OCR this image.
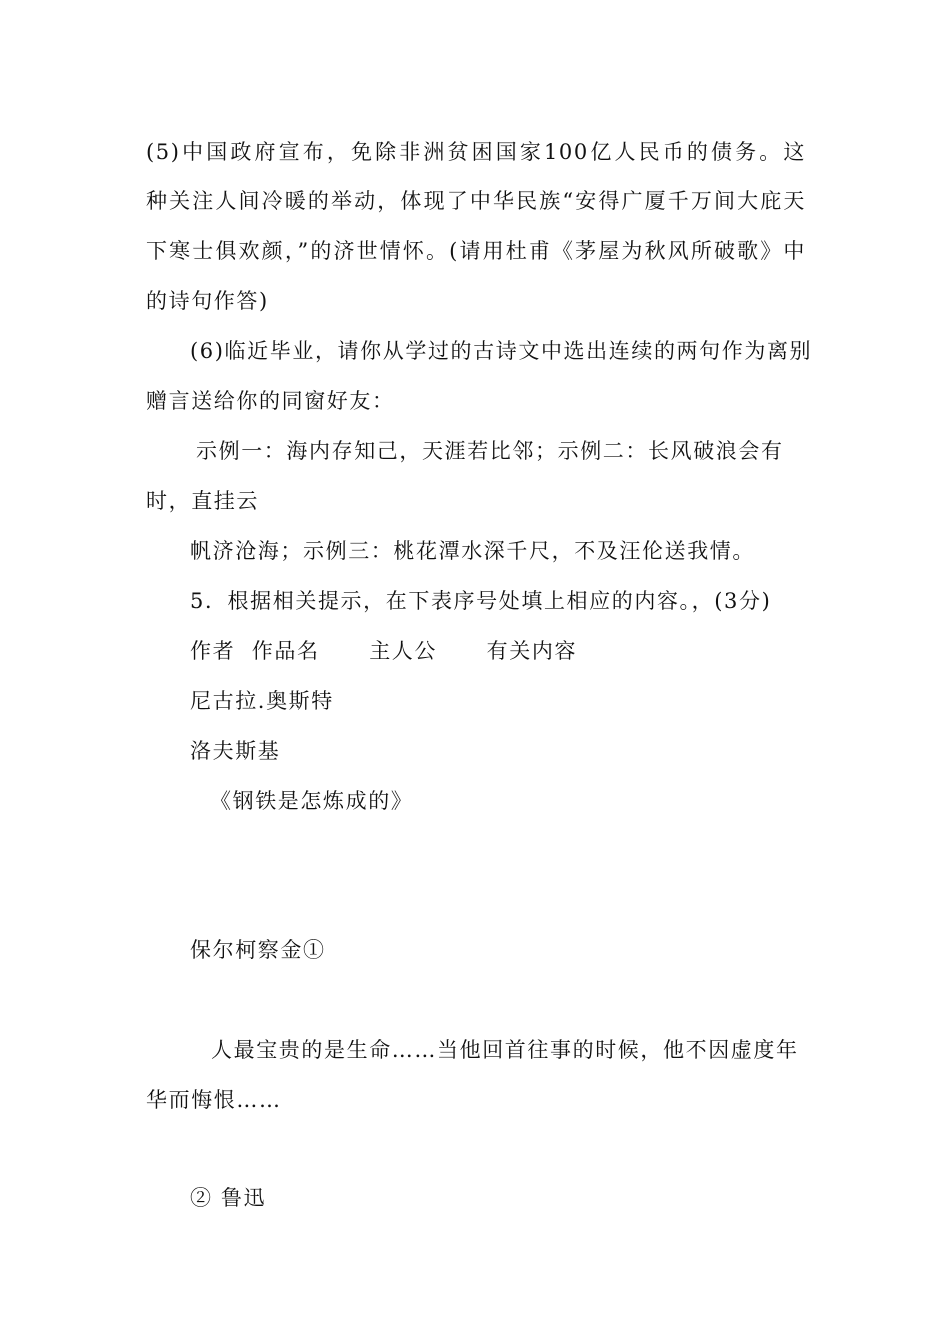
(5)中国政府宣布，免除非洲贫困国家100亿人民币的债务。这

种关注人间冷暖的举动，体现了中华民族“安得广厦千万间大庇天

下寒士俱欢颜，”的济世情怀。(请用杜甫《茅屋为秋风所破歌》中

的诗句作答)

(6)临近毕业，请你从学过的古诗文中选出连续的两句作为离别

赠言送给你的同窗好友：

示例一：海内存知己，天涯若比邻；示例二：长风破浪会有

时，直挂云

帆济沧海；示例三：桃花潭水深千尺，不及汪伦送我情。

5．根据相关提示，在下表序号处填上相应的内容。，(3分)

作者  作品名      主人公      有关内容

尼古拉.奥斯特

洛夫斯基

《钢铁是怎炼成的》

保尔柯察金①

人最宝贵的是生命……当他回首往事的时候，他不因虚度年

华而悔恨……

② 鲁迅
